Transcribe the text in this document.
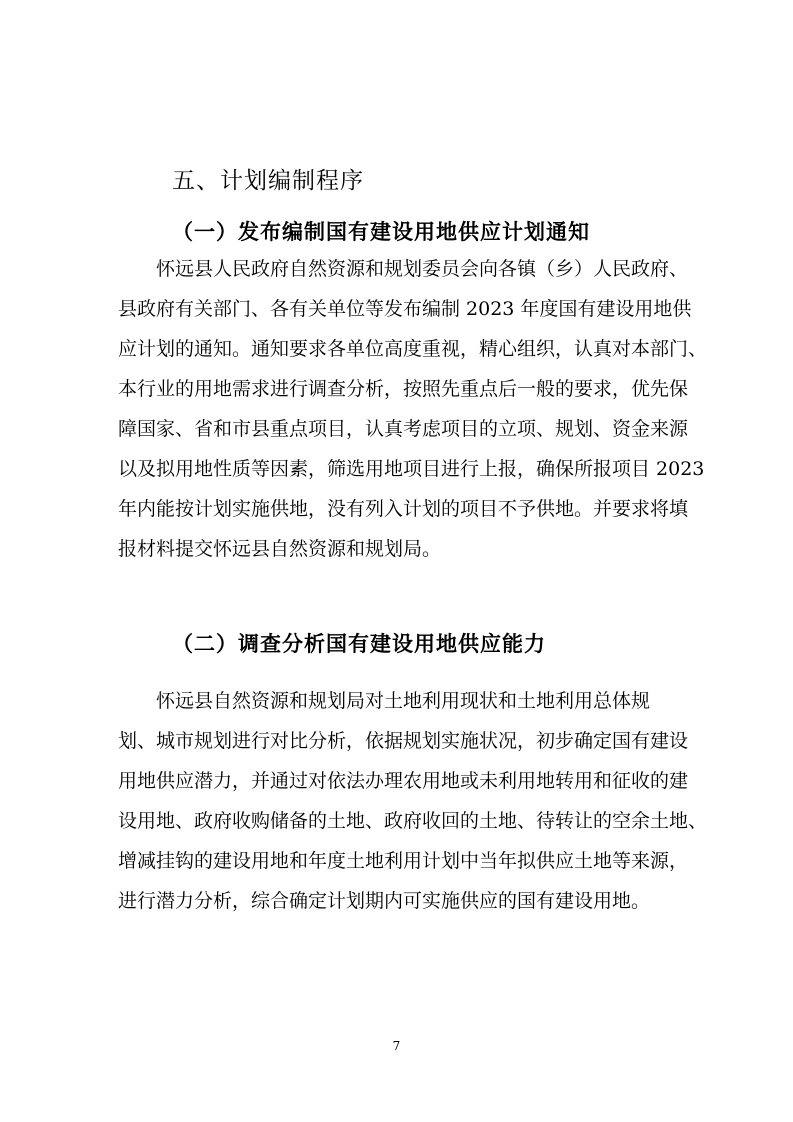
五、计划编制程序
（一）发布编制国有建设用地供应计划通知
　　怀远县人民政府自然资源和规划委员会向各镇（乡）人民政府、
县政府有关部门、各有关单位等发布编制 2023 年度国有建设用地供
应计划的通知。通知要求各单位高度重视，精心组织，认真对本部门、
本行业的用地需求进行调查分析，按照先重点后一般的要求，优先保
障国家、省和市县重点项目，认真考虑项目的立项、规划、资金来源
以及拟用地性质等因素，筛选用地项目进行上报，确保所报项目 2023
年内能按计划实施供地，没有列入计划的项目不予供地。并要求将填
报材料提交怀远县自然资源和规划局。
（二）调查分析国有建设用地供应能力
　　怀远县自然资源和规划局对土地利用现状和土地利用总体规
划、城市规划进行对比分析，依据规划实施状况，初步确定国有建设
用地供应潜力，并通过对依法办理农用地或未利用地转用和征收的建
设用地、政府收购储备的土地、政府收回的土地、待转让的空余土地、
增减挂钩的建设用地和年度土地利用计划中当年拟供应土地等来源，
进行潜力分析，综合确定计划期内可实施供应的国有建设用地。
7
